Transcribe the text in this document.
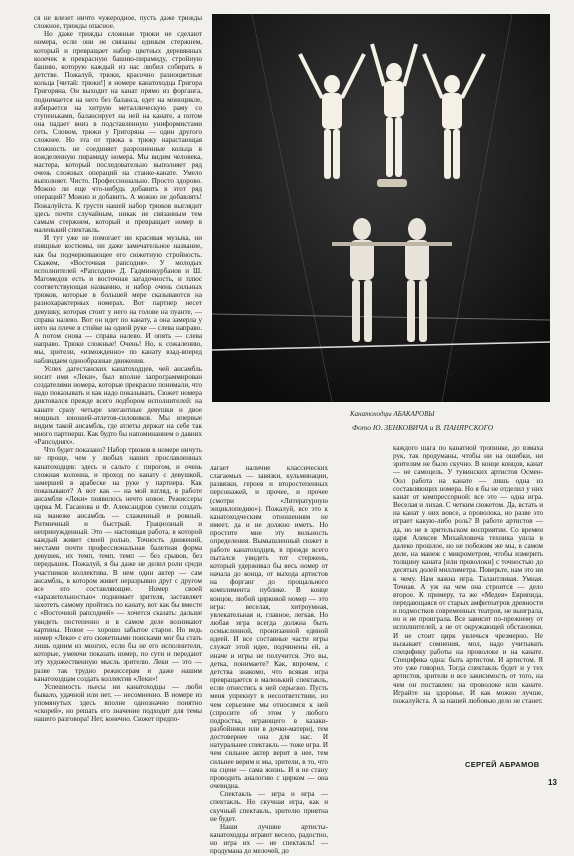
ся не влезет ничто чужеродное, пусть даже трижды сложное, трижды опасное.

Но даже трижды сложные трюки не сделают номера, если они не связаны единым стержнем, который и превращает набор цветных деревянных колечек в прекрасную башню-пирамиду, стройную башню, которую каждый из нас любил собирать в детстве. Пожалуй, трюки, красочно разноцветные кольца [читай: трюки!] в номере канатоходца Григора Григоряна. Он выходит на канат прямо из форганга, поднимается на него без баланса, едет на моноцикле, взбирается на хитрую металлическую раму со ступеньками, балансирует на ней на канате, а потом она падает вниз в подставленную униформистами сеть. Словом, трюки у Григоряна — один другого сложнее. Но эта от трюка к трюку нарастающая сложность не соединяет разрозненные кольца в вожделенную пирамиду номера. Мы видим человека, мастера, который последовательно выполняет ряд очень сложных операций на станке-канате. Умело выполняет. Чисто. Профессионально. Просто здорово. Можно ли еще что-нибудь добавить в этот ряд операций? Можно и добавить. А можно не добавлять! Пожалуйста. К грусти нашей набор трюков выглядит здесь почти случайным, никак не связанным тем самым стержнем, который и превращает номер в маленький спектакль.

И тут уже не помогает ни красивая музыка, ни изящные костюмы, ни даже замечательное название, как бы подчеркивающее его сюжетную стройность. Скажем, «Восточная рапсодия». У молодых исполнителей «Рапсодии» Д. Гадминкурбанов и Ш. Магомедов есть и восточная загадочность, и плюс соответствующая названию, и набор очень сильных трюков, которые в большей мере сказываются на разнохарактерных номерах. Вот партнер несет девушку, которая стоит у него на голове на пуанте, — справа налево. Вот он идет по канату, а она замерла у него на плече в стойке на одной руке — слева направо. А потом снова — справа налево. И опять — слева направо. Трюки сложные! Очень! Но, к сожалению, мы, зрители, «изможденно» по канату взад-вперед наблюдаем однообразные движения.

Успех дагестанских канатоходцев, чей ансамбль носит имя «Леки», был вполне запрограммирован создателями номера, которые прекрасно понимали, что надо показывать и как надо показывать. Сюжет номера диктовался прежде всего подбором исполнителей: на канате сразу четыре элегантные девушки и двое мощных юношей-атлетов-силовиков. Мы впервые видим такой ансамбль, где атлеты держат на себе так много партнерш. Как будто бы напоминанием о давних «Рапсодиях».

Что будет показано? Набор трюков в номере ничуть не проще, чем у любых наших прославленных канатоходцев: здесь и сальто с пирогом, и очень сложная колонна, и проход по канату с девушкой, замершей в арабеске на руке у партнера. Как показывают? А вот как — на мой взгляд, в работе ансамбля «Леки» появилось нечто новое. Режиссеры цирка М. Гасанова и Ф. Александров сумели создать на манеже ансамбль — слаженный и ровный. Ритмичный и быстрый. Грациозный и непринужденный. Это — настоящая работа, в которой каждый живет своей ролью. Точность движений, местами почти профессиональная балетная форма девушек, их темп, темп, темп — без срывов, без передышек. Пожалуй, я бы даже не делил роли среди участников коллектива. В нем один актер — сам ансамбль, в котором живет неразрывно друг с другом все его составляющие. Номер своей «заразительностью» поднимает зрителя, заставляет захотеть самому пройтись по канату, вот как бы вместе с «Восточной рапсодией» — хочется сказать: дальше увидеть постепенно и в самом деле возникают картины. Новое — хорошо забытое старое. Но ведь номер «Леки» с его сюжетными поисками мог бы стать лишь одним из многих, если бы не его исполнители, которые, умеючи показать номер, по сути и передают эту художественную мысль зрителю. Леки — это — разве так трудно режиссерам и даже нашим канатоходцам создать коллектив «Леки»!

Успешность пьесы ни канатоходцы — люби бывало, удачной или нет, — несомненно. В номере из упомянутых здесь вполне однозначно понятно «скорей», но решать его значение подходит для темы нашего разговора! Нет, конечно. Сюжет предпо-

Канатоходцы АБАКАРОВЫ
Фото Ю. ЗЕНКОВИЧА и В. ПАНЯРСКОГО

лагает наличие классических слагаемых — завязки, кульминации, развязки, героев и второстепенных персонажей, и прочее, и прочее (смотри «Литературную энциклопедию»). Пожалуй, все это к канатоходческим отношениям не имеет, да и не должно иметь. Но простите мне эту вольность определения. Вымышленный сюжет в работе канатоходцев, в прежде всего пытался увидеть тот стержень, который удерживал бы весь номер от начала до конца, от выхода артистов на форганг до прощального комплимента публике. В конце концов, любой цирковой номер — это игра: веселая, хитроумная, увлекательная и, главное, легкая. Но любая игра всегда должна быть осмысленной, пронизанной единой идеей. И все составные части игры служат этой идее, подчинены ей, а иначе и игры не получится. Это вы, детка, понимаете? Как, впрочем, с детства знакомо, что всякая игра превращается в маленький спектакль, если отнестись к ней серьезно. Пусть меня упрекнут в несоответствии, но чем серьезнее мы относимся к ней (спросите об этом у любого подростка, играющего в казаки-разбойники или в дочки-матери), тем достовернее она для нас. И натуральнее спектакль — тоже игра. И чем сильнее актер верит в нее, тем сильнее верим и мы, зрители, в то, что на сцене — сама жизнь. И я не стану проводить аналогию с цирком — она очевидна.

Спектакль — игра и игра — спектакль. Но скучная игра, как и скучный спектакль, зрителю приятна не будет.

Наши лучшие артисты-канатоходцы играют весело, радостно, но игра их — не спектакль! — продумана до мелочей, до

каждого шага по канатной тропинке, до взмаха рук, так продуманы, чтобы ни на ошибки, ни зрителям не было скучно. В конце концов, канат — не самоцель. У тувинских артистов Осмен-Оол работа на канате — лишь одна из составляющих номера. Но я бы не отделил у них канат от компрессорной: все это — одна игра. Веселая и лихая. С четким сюжетом. Да, встать и на канат у них вовсе, а проволока, но разве это играет какую-либо роль? В работе артистов — да, но не в зрительском восприятии. Со времен царя Алексея Михайловича техника ушла в далеко прошлое, но не побежим же мы, в самом деле, на манеж с микрометром, чтобы измерить толщину каната [или проволоки] с точностью до десятых долей миллиметра. Поверьте, нам это ни к чему. Нам важна игра. Талантливая. Умная. Точная. А уж на чем она строится — дело второе. К примеру, та же «Медея» Еврипида, передающаяся от старых амфитеатров древности и подмостков современных театров, не выиграла, но и не проиграла. Все зависит по-прежнему от исполнителей, а не от окружающей обстановки. И не стоит цирк увлечься чрезмерно. Не вызывает сомнения, мол, надо учитывать специфику работы на проволоке и на канате. Специфика одна: быть артистом. И артистом. Я это уже говорил. Тогда спектакль будет и у тех артистов, зрители и все зависимость от того, на чем он поставлен: на проволоке или канате. Играйте на здоровье. И как можно лучше, пожалуйста. А за нашей любовью дело не станет.

СЕРГЕЙ АБРАМОВ
13
